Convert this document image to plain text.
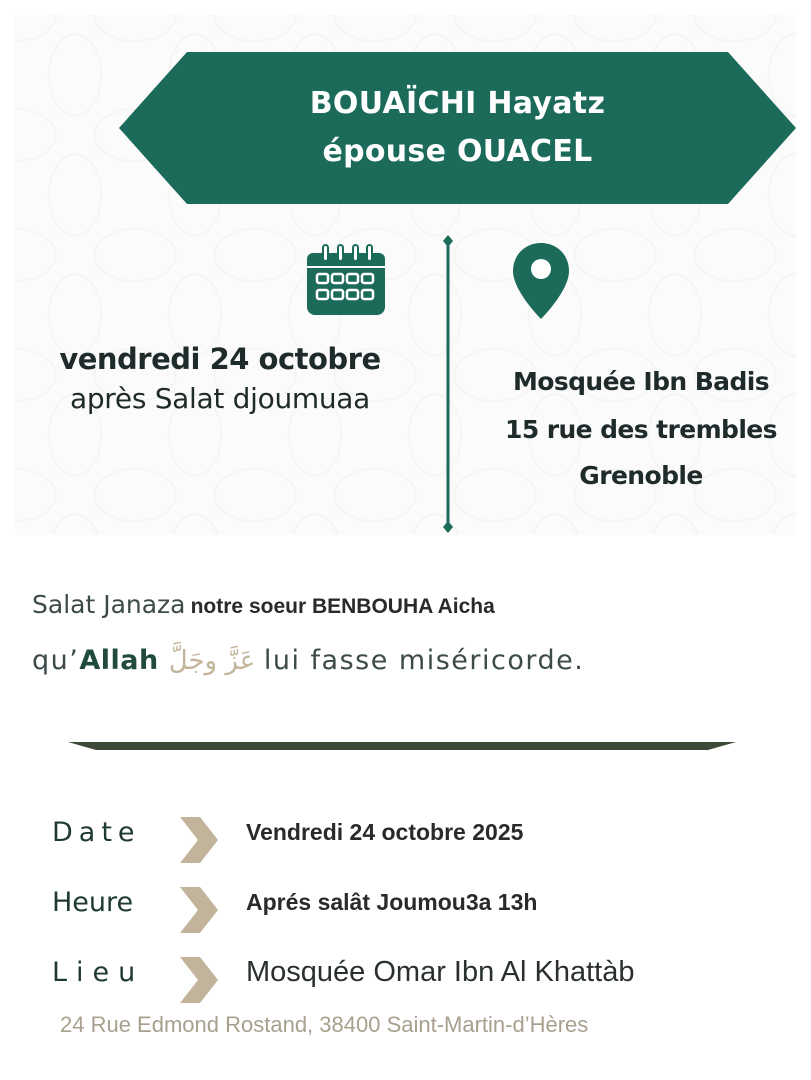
BOUAÏCHI Hayatz
épouse OUACEL
vendredi 24 octobre
après Salat djoumuaa
Mosquée Ibn Badis
15 rue des trembles
Grenoble
Salat Janaza notre soeur BENBOUHA Aicha
qu’Allah عَزَّ وجَلَّ lui fasse miséricorde.
Date	Vendredi 24 octobre 2025
Heure	Aprés salât Joumou3a 13h
Lieu	Mosquée Omar Ibn Al Khattàb
24 Rue Edmond Rostand, 38400 Saint-Martin-d’Hères
